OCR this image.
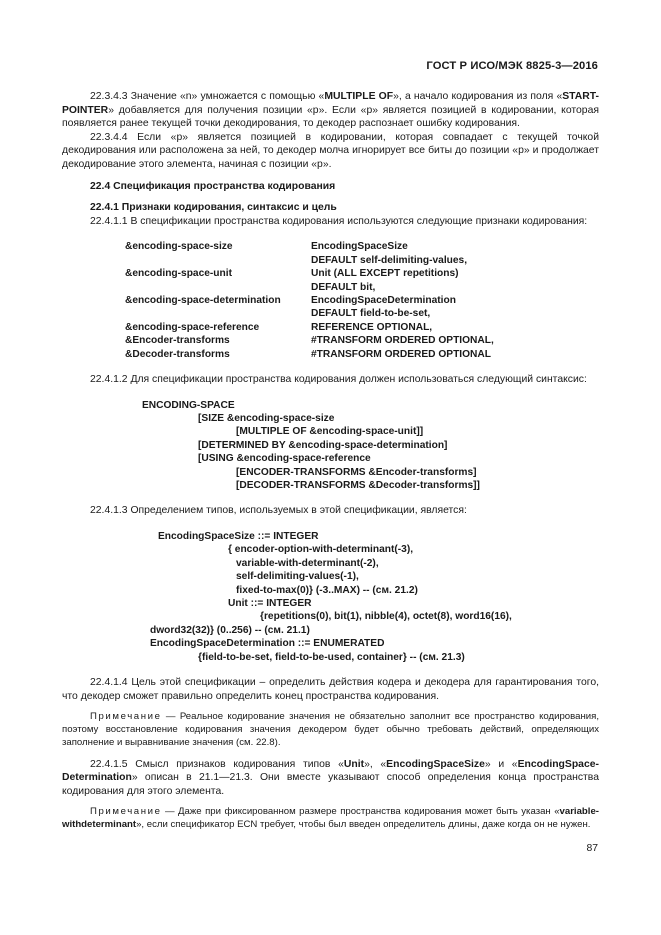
ГОСТ Р ИСО/МЭК 8825-3—2016

22.3.4.3 Значение «n» умножается с помощью «MULTIPLE OF», а начало кодирования из поля «START-POINTER» добавляется для получения позиции «p». Если «p» является позицией в кодировании, которая появляется ранее текущей точки декодирования, то декодер распознает ошибку кодирования.

22.3.4.4 Если «p» является позицией в кодировании, которая совпадает с текущей точкой декодирования или расположена за ней, то декодер молча игнорирует все биты до позиции «p» и продолжает декодирование этого элемента, начиная с позиции «p».

22.4 Спецификация пространства кодирования

22.4.1 Признаки кодирования, синтаксис и цель

22.4.1.1 В спецификации пространства кодирования используются следующие признаки кодирования:

&encoding-space-size	EncodingSpaceSize
DEFAULT self-delimiting-values,
&encoding-space-unit	Unit (ALL EXCEPT repetitions)
DEFAULT bit,
&encoding-space-determination	EncodingSpaceDetermination
DEFAULT field-to-be-set,
&encoding-space-reference	REFERENCE OPTIONAL,
&Encoder-transforms	#TRANSFORM ORDERED OPTIONAL,
&Decoder-transforms	#TRANSFORM ORDERED OPTIONAL

22.4.1.2 Для спецификации пространства кодирования должен использоваться следующий синтаксис:

ENCODING-SPACE
[SIZE &encoding-space-size
[MULTIPLE OF &encoding-space-unit]]
[DETERMINED BY &encoding-space-determination]
[USING &encoding-space-reference
[ENCODER-TRANSFORMS &Encoder-transforms]
[DECODER-TRANSFORMS &Decoder-transforms]]

22.4.1.3 Определением типов, используемых в этой спецификации, является:

EncodingSpaceSize ::= INTEGER
{ encoder-option-with-determinant(-3),
variable-with-determinant(-2),
self-delimiting-values(-1),
fixed-to-max(0)} (-3..MAX) -- (см. 21.2)
Unit ::= INTEGER
{repetitions(0), bit(1), nibble(4), octet(8), word16(16),
dword32(32)} (0..256) -- (см. 21.1)
EncodingSpaceDetermination ::= ENUMERATED
{field-to-be-set, field-to-be-used, container} -- (см. 21.3)

22.4.1.4 Цель этой спецификации – определить действия кодера и декодера для гарантирования того, что декодер сможет правильно определить конец пространства кодирования.

Примечание — Реальное кодирование значения не обязательно заполнит все пространство кодирования, поэтому восстановление кодирования значения декодером будет обычно требовать действий, определяющих заполнение и выравнивание значения (см. 22.8).

22.4.1.5 Смысл признаков кодирования типов «Unit», «EncodingSpaceSize» и «EncodingSpace-Determination» описан в 21.1—21.3. Они вместе указывают способ определения конца пространства кодирования для этого элемента.

Примечание — Даже при фиксированном размере пространства кодирования может быть указан «variable-withdeterminant», если спецификатор ECN требует, чтобы был введен определитель длины, даже когда он не нужен.

87
